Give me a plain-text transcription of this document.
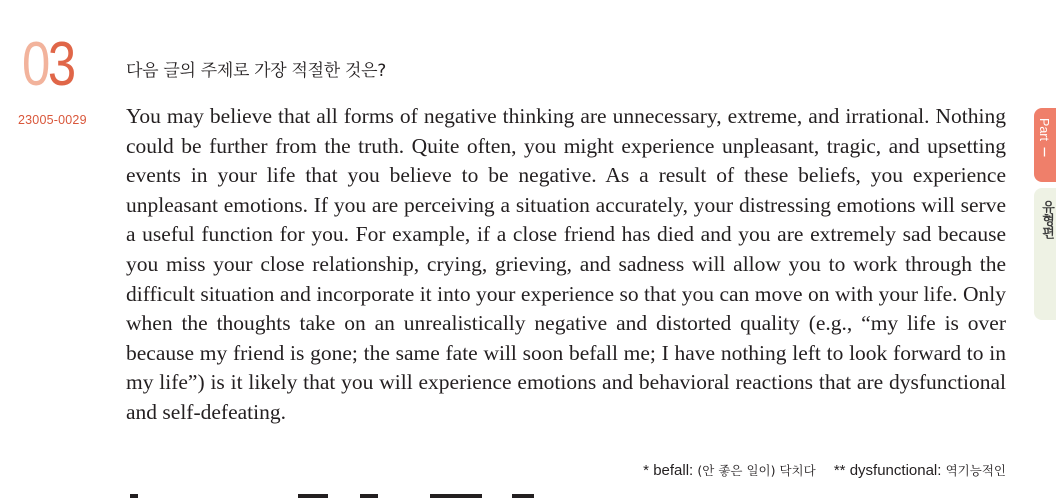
03
23005-0029
다음 글의 주제로 가장 적절한 것은?

You may believe that all forms of negative thinking are unnecessary, extreme, and irrational. Nothing could be further from the truth. Quite often, you might experience unpleasant, tragic, and upsetting events in your life that you believe to be negative. As a result of these beliefs, you experience unpleasant emotions. If you are perceiving a situation accurately, your distressing emotions will serve a useful function for you. For example, if a close friend has died and you are extremely sad because you miss your close relationship, crying, grieving, and sadness will allow you to work through the difficult situation and incorporate it into your experience so that you can move on with your life. Only when the thoughts take on an unrealistically negative and distorted quality (e.g., “my life is over because my friend is gone; the same fate will soon befall me; I have nothing left to look forward to in my life”) is it likely that you will experience emotions and behavioral reactions that are dysfunctional and self-defeating.

* befall: (안 좋은 일이) 닥치다 ** dysfunctional: 역기능적인
Part Ⅰ
유형편
